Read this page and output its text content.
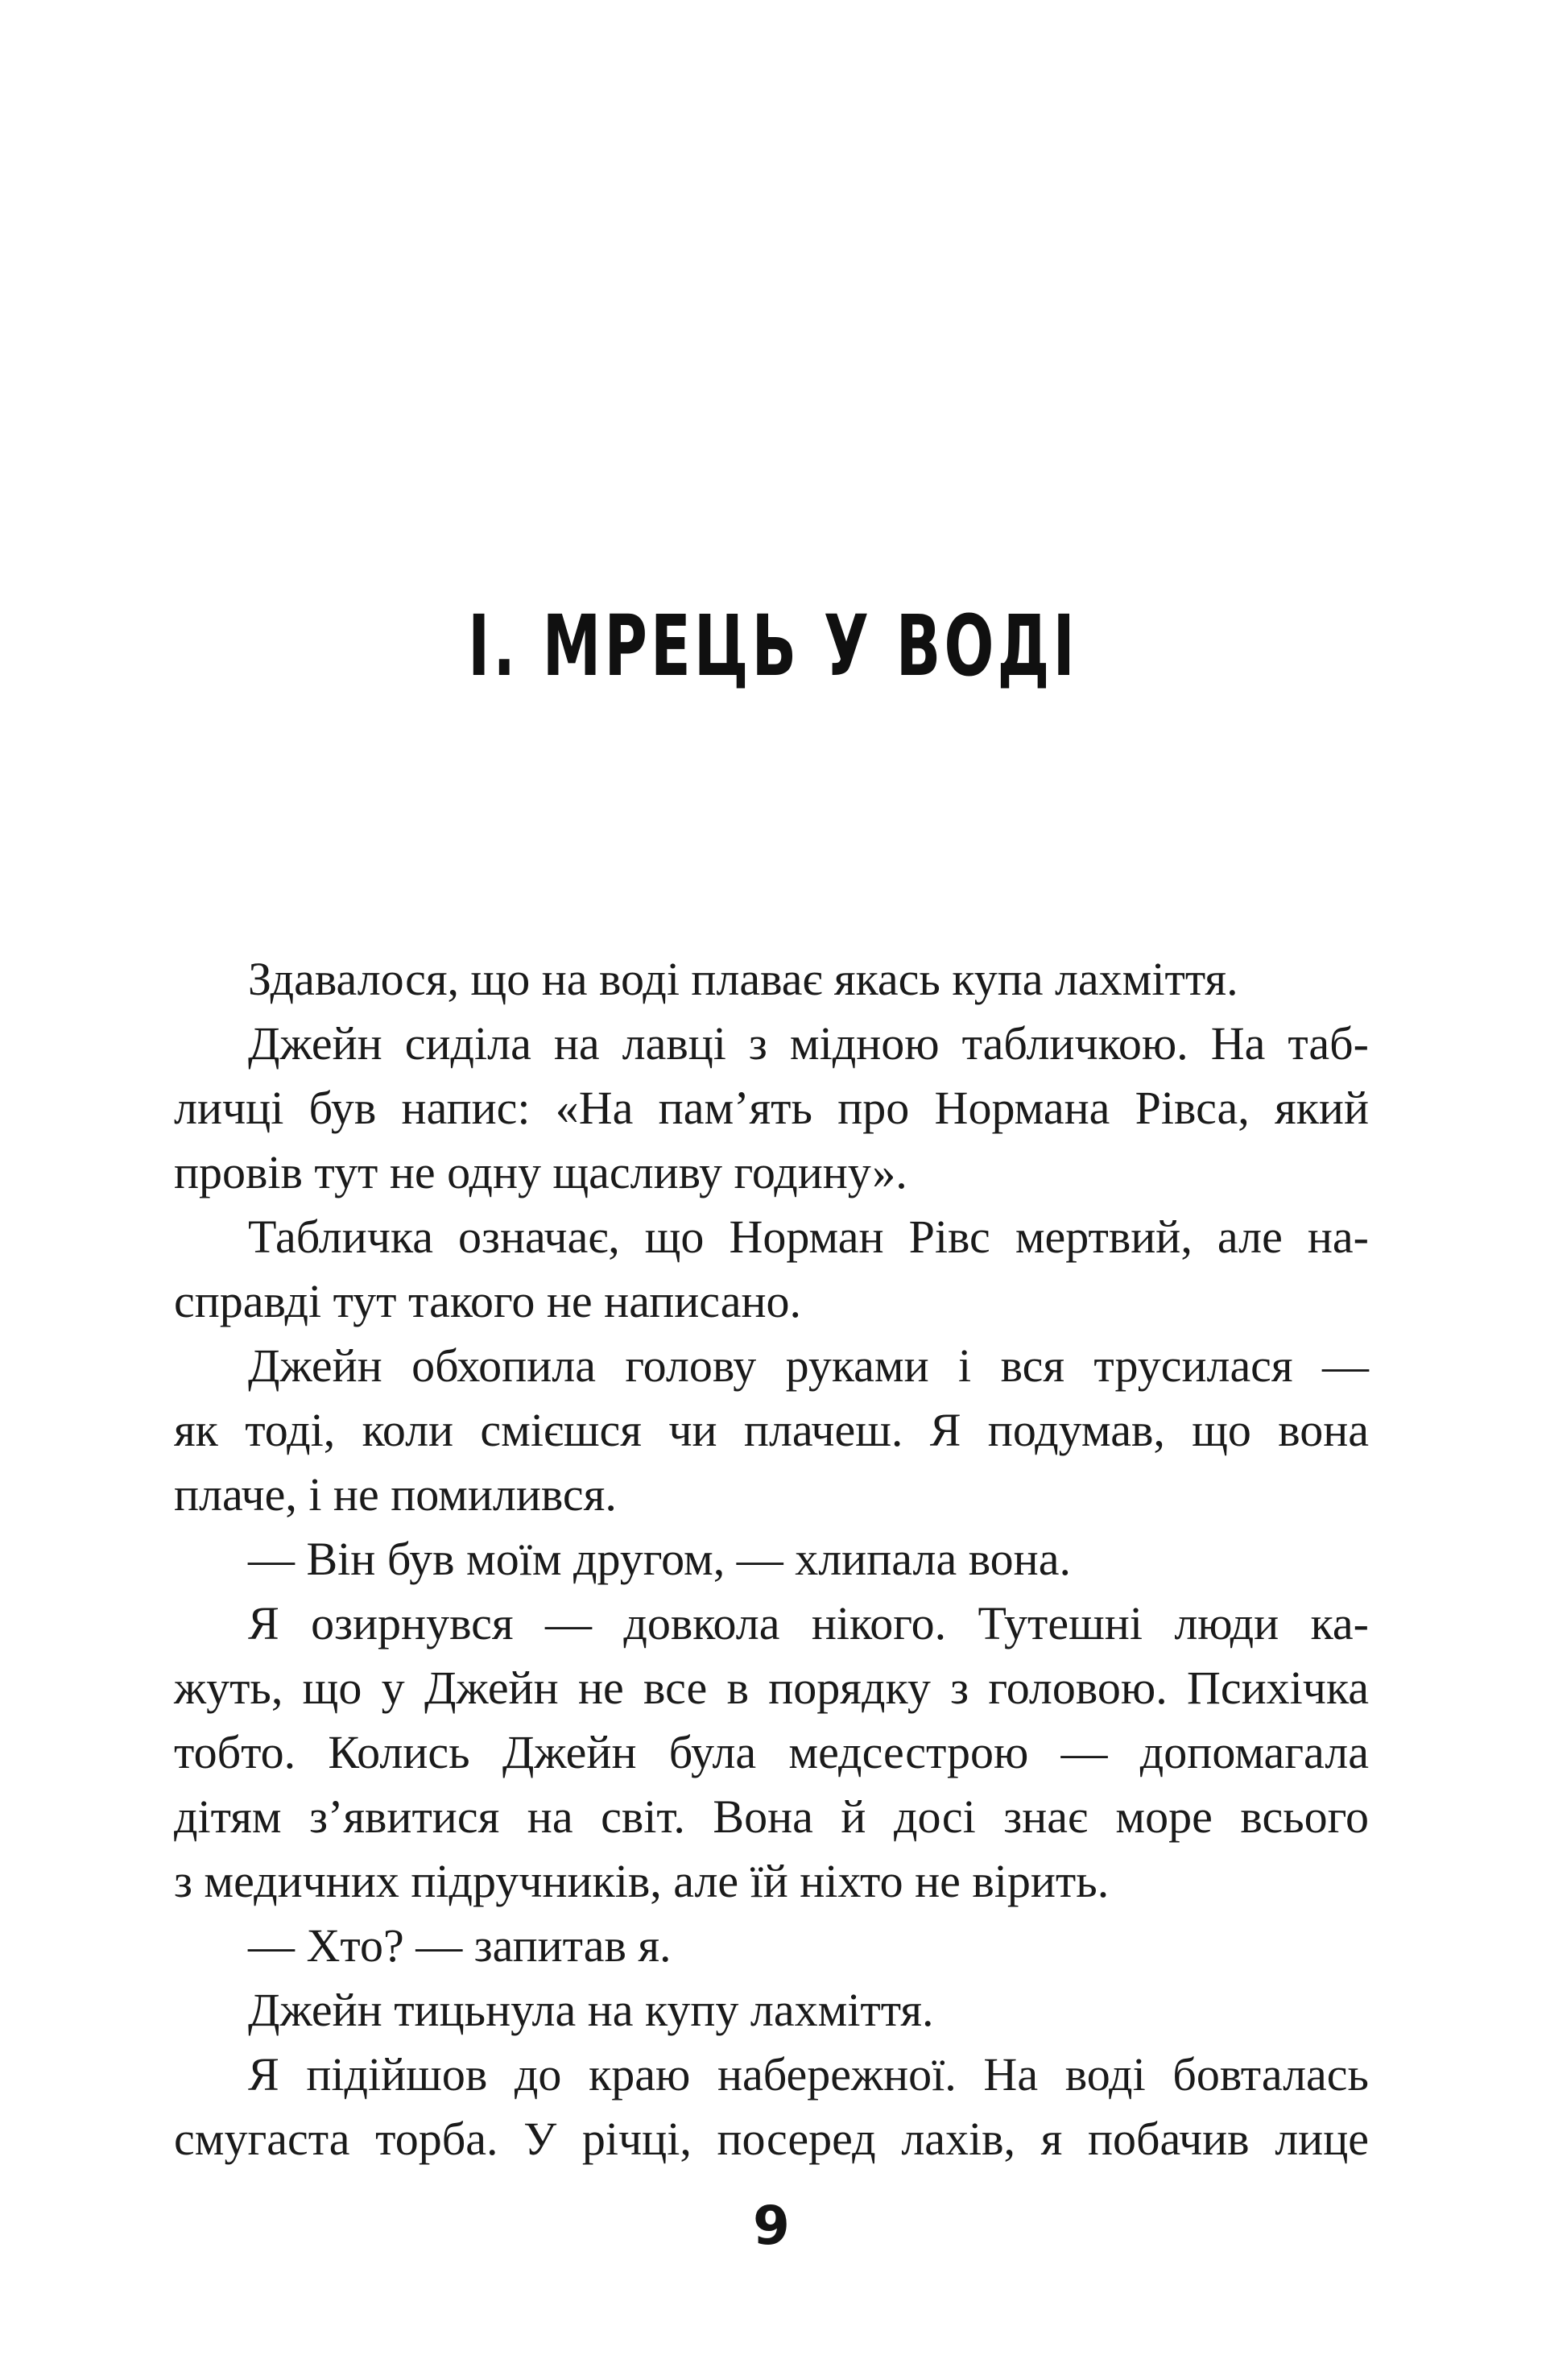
І. МРЕЦЬ У ВОДІ
Здавалося, що на воді плаває якась купа лахміття.
Джейн сиділа на лавці з мідною табличкою. На таб-
личці був напис: «На пам’ять про Нормана Рівса, який
провів тут не одну щасливу годину».
Табличка означає, що Норман Рівс мертвий, але на-
справді тут такого не написано.
Джейн обхопила голову руками і вся трусилася —
як тоді, коли смієшся чи плачеш. Я подумав, що вона
плаче, і не помилився.
— Він був моїм другом, — хлипала вона.
Я озирнувся — довкола нікого. Тутешні люди ка-
жуть, що у Джейн не все в порядку з головою. Психічка
тобто. Колись Джейн була медсестрою — допомагала
дітям з’явитися на світ. Вона й досі знає море всього
з медичних підручників, але їй ніхто не вірить.
— Хто? — запитав я.
Джейн тицьнула на купу лахміття.
Я підійшов до краю набережної. На воді бовталась
смугаста торба. У річці, посеред лахів, я побачив лице
9
